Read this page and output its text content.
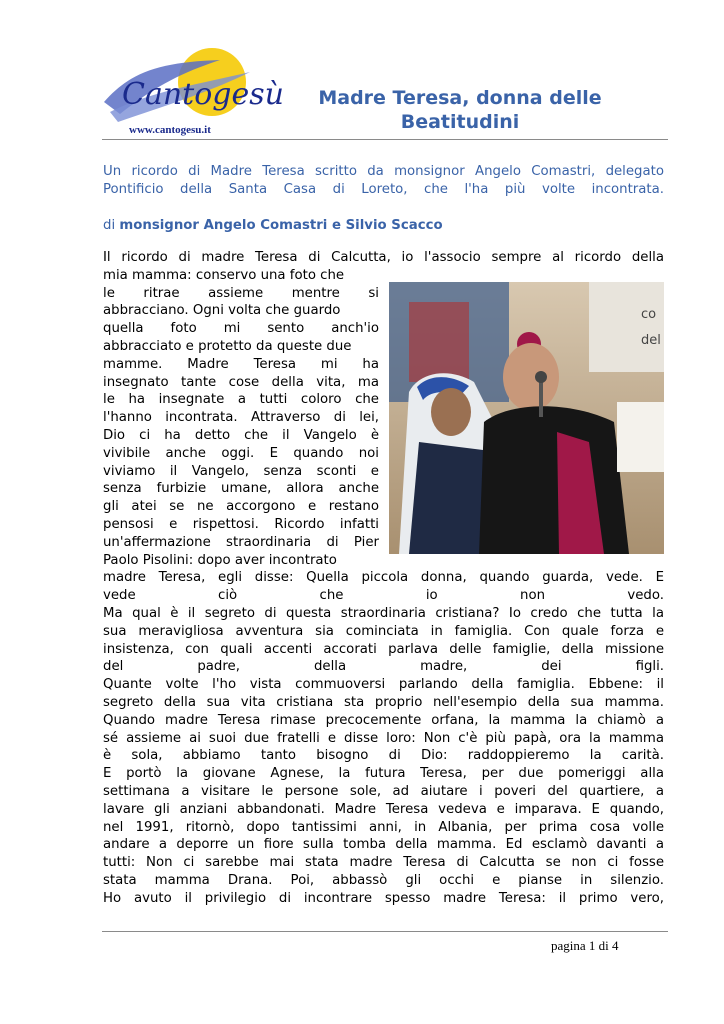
Cantogesù
www.cantogesu.it
Madre Teresa, donna delle
Beatitudini
Un ricordo di Madre Teresa scritto da monsignor Angelo Comastri, delegato
Pontificio della Santa Casa di Loreto, che l'ha più volte incontrata.
di monsignor Angelo Comastri e Silvio Scacco
co
del
Il ricordo di madre Teresa di Calcutta, io l'associo sempre al ricordo della
mia mamma: conservo una foto che
le ritrae assieme mentre si
abbracciano. Ogni volta che guardo
quella foto mi sento anch'io
abbracciato e protetto da queste due
mamme. Madre Teresa mi ha
insegnato tante cose della vita, ma
le ha insegnate a tutti coloro che
l'hanno incontrata. Attraverso di lei,
Dio ci ha detto che il Vangelo è
vivibile anche oggi. E quando noi
viviamo il Vangelo, senza sconti e
senza furbizie umane, allora anche
gli atei se ne accorgono e restano
pensosi e rispettosi. Ricordo infatti
un'affermazione straordinaria di Pier
Paolo Pisolini: dopo aver incontrato
madre Teresa, egli disse: Quella piccola donna, quando guarda, vede. E
vede ciò che io non vedo.
Ma qual è il segreto di questa straordinaria cristiana? Io credo che tutta la
sua meravigliosa avventura sia cominciata in famiglia. Con quale forza e
insistenza, con quali accenti accorati parlava delle famiglie, della missione
del padre, della madre, dei figli.
Quante volte l'ho vista commuoversi parlando della famiglia. Ebbene: il
segreto della sua vita cristiana sta proprio nell'esempio della sua mamma.
Quando madre Teresa rimase precocemente orfana, la mamma la chiamò a
sé assieme ai suoi due fratelli e disse loro: Non c'è più papà, ora la mamma
è sola, abbiamo tanto bisogno di Dio: raddoppieremo la carità.
E portò la giovane Agnese, la futura Teresa, per due pomeriggi alla
settimana a visitare le persone sole, ad aiutare i poveri del quartiere, a
lavare gli anziani abbandonati. Madre Teresa vedeva e imparava. E quando,
nel 1991, ritornò, dopo tantissimi anni, in Albania, per prima cosa volle
andare a deporre un fiore sulla tomba della mamma. Ed esclamò davanti a
tutti: Non ci sarebbe mai stata madre Teresa di Calcutta se non ci fosse
stata mamma Drana. Poi, abbassò gli occhi e pianse in silenzio.
Ho avuto il privilegio di incontrare spesso madre Teresa: il primo vero,
pagina 1 di 4
